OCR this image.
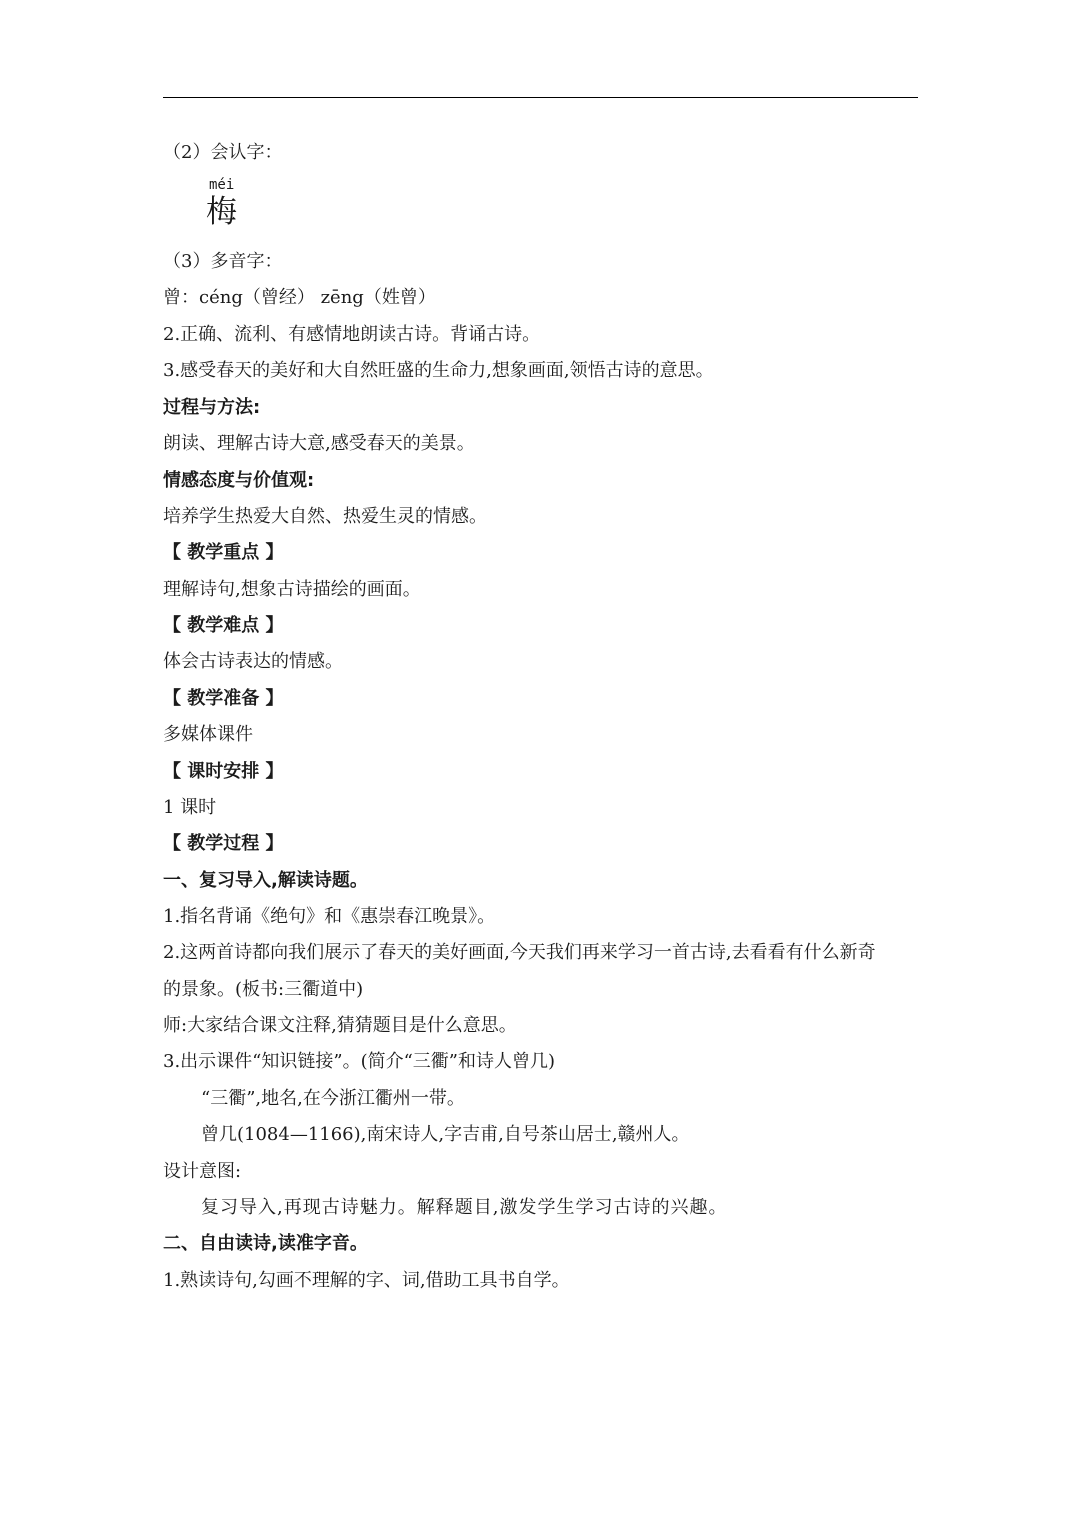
（2）会认字：
méi
梅
（3）多音字：
曾：céng（曾经） zēng（姓曾）
2.正确、流利、有感情地朗读古诗。背诵古诗。
3.感受春天的美好和大自然旺盛的生命力,想象画面,领悟古诗的意思。
过程与方法:
朗读、理解古诗大意,感受春天的美景。
情感态度与价值观:
培养学生热爱大自然、热爱生灵的情感。
【 教学重点 】
理解诗句,想象古诗描绘的画面。
【 教学难点 】
体会古诗表达的情感。
【 教学准备 】
多媒体课件
【 课时安排 】
1 课时
【 教学过程 】
一、复习导入,解读诗题。
1.指名背诵《绝句》和《惠崇春江晚景》。
2.这两首诗都向我们展示了春天的美好画面,今天我们再来学习一首古诗,去看看有什么新奇
的景象。(板书:三衢道中)
师:大家结合课文注释,猜猜题目是什么意思。
3.出示课件“知识链接”。(简介“三衢”和诗人曾几)
“三衢”,地名,在今浙江衢州一带。
曾几(1084—1166),南宋诗人,字吉甫,自号茶山居士,赣州人。
设计意图:
复习导入,再现古诗魅力。解释题目,激发学生学习古诗的兴趣。
二、自由读诗,读准字音。
1.熟读诗句,勾画不理解的字、词,借助工具书自学。
